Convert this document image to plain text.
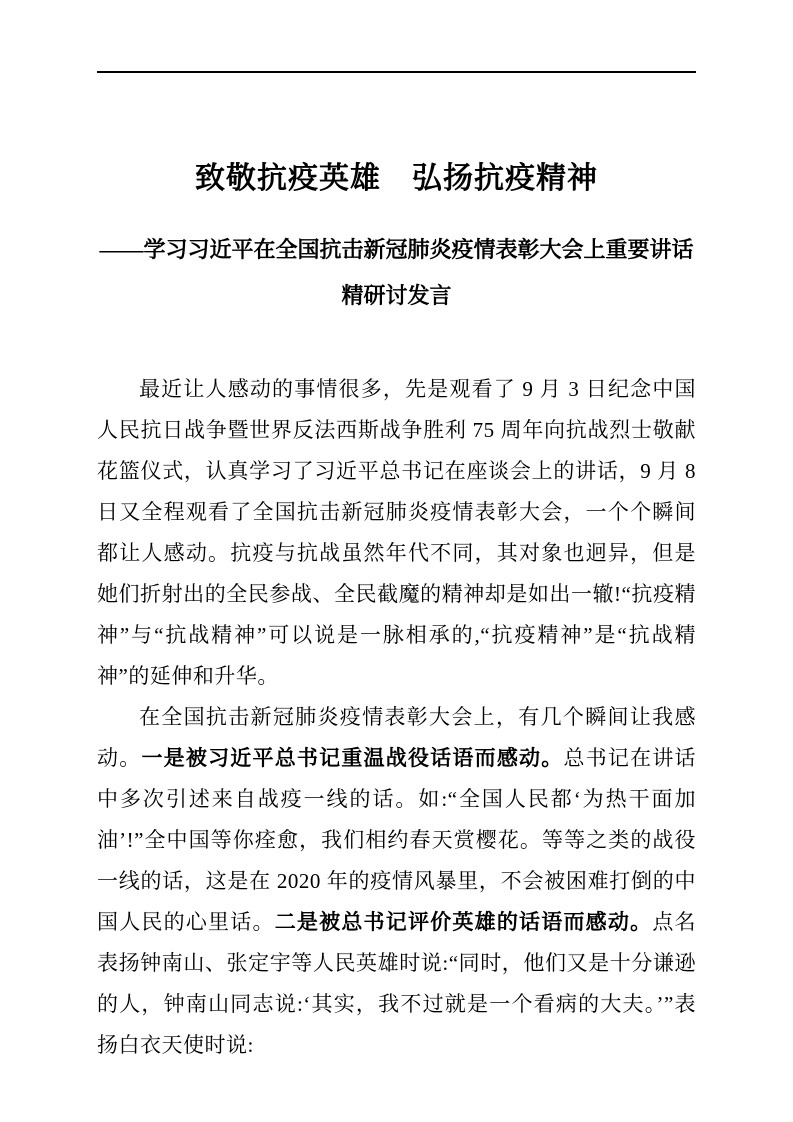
致敬抗疫英雄　弘扬抗疫精神
——学习习近平在全国抗击新冠肺炎疫情表彰大会上重要讲话
精研讨发言

最近让人感动的事情很多，先是观看了 9 月 3 日纪念中国人民抗日战争暨世界反法西斯战争胜利 75 周年向抗战烈士敬献花篮仪式，认真学习了习近平总书记在座谈会上的讲话，9 月 8 日又全程观看了全国抗击新冠肺炎疫情表彰大会，一个个瞬间都让人感动。抗疫与抗战虽然年代不同，其对象也迥异，但是她们折射出的全民参战、全民截魔的精神却是如出一辙!“抗疫精神”与“抗战精神”可以说是一脉相承的,“抗疫精神”是“抗战精神”的延伸和升华。

在全国抗击新冠肺炎疫情表彰大会上，有几个瞬间让我感动。一是被习近平总书记重温战役话语而感动。总书记在讲话中多次引述来自战疫一线的话。如:“全国人民都‘为热干面加油’!”全中国等你痊愈，我们相约春天赏樱花。等等之类的战役一线的话，这是在 2020 年的疫情风暴里，不会被困难打倒的中国人民的心里话。二是被总书记评价英雄的话语而感动。点名表扬钟南山、张定宇等人民英雄时说:“同时，他们又是十分谦逊的人，钟南山同志说:‘其实，我不过就是一个看病的大夫。’”表扬白衣天使时说:
